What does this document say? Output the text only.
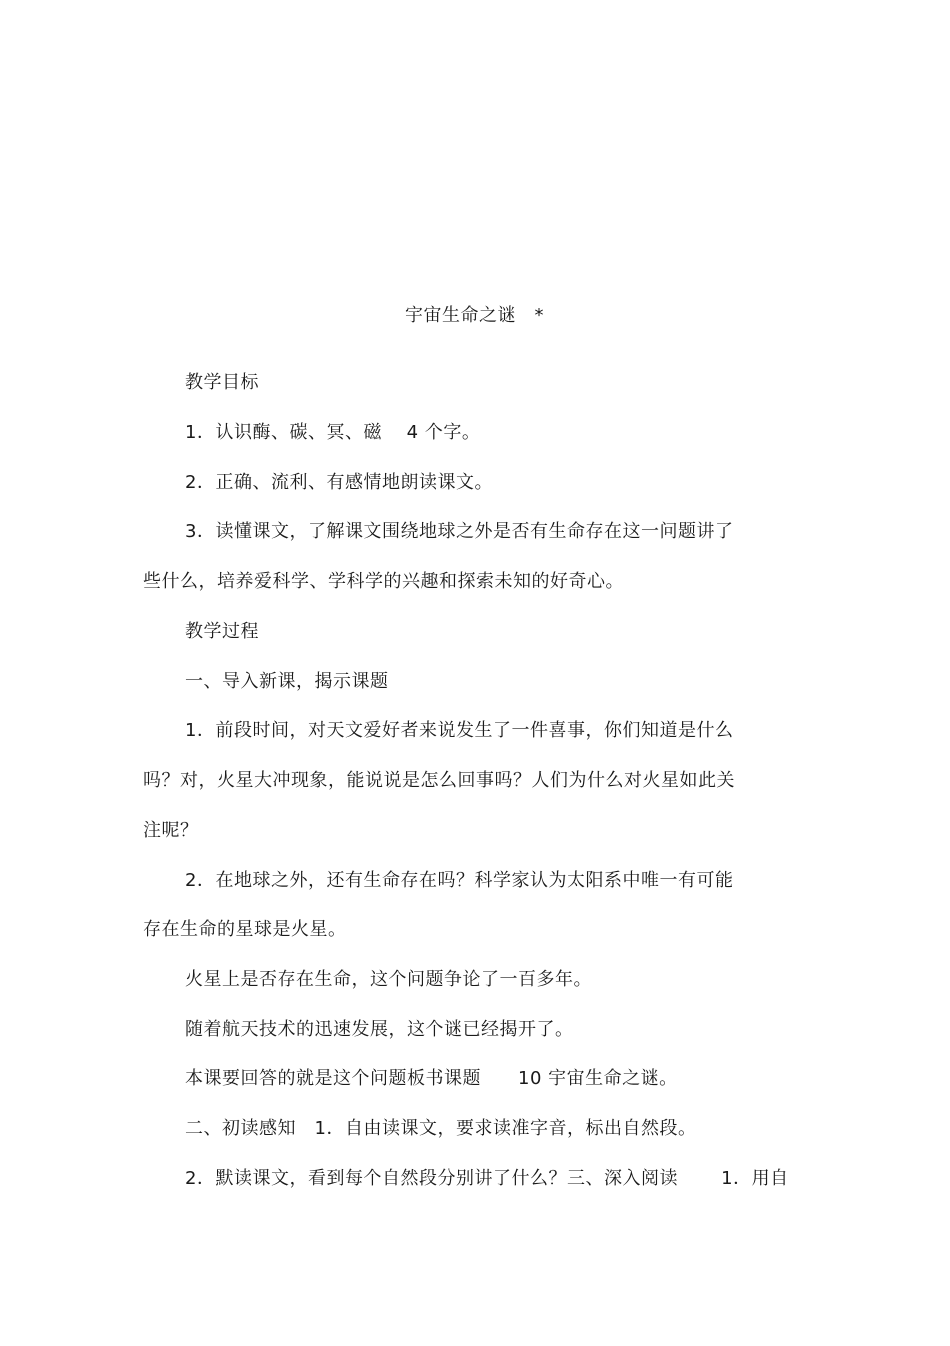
宇宙生命之谜　*
教学目标
1．认识酶、碳、冥、磁　 4 个字。
2．正确、流利、有感情地朗读课文。
3．读懂课文，了解课文围绕地球之外是否有生命存在这一问题讲了
些什么，培养爱科学、学科学的兴趣和探索未知的好奇心。
教学过程
一、导入新课，揭示课题
1．前段时间，对天文爱好者来说发生了一件喜事，你们知道是什么
吗？对，火星大冲现象，能说说是怎么回事吗？人们为什么对火星如此关
注呢？
2．在地球之外，还有生命存在吗？科学家认为太阳系中唯一有可能
存在生命的星球是火星。
火星上是否存在生命，这个问题争论了一百多年。
随着航天技术的迅速发展，这个谜已经揭开了。
本课要回答的就是这个问题板书课题　　10 宇宙生命之谜。
二、初读感知　1．自由读课文，要求读准字音，标出自然段。
2．默读课文，看到每个自然段分别讲了什么？三、深入阅读　　 1．用自
